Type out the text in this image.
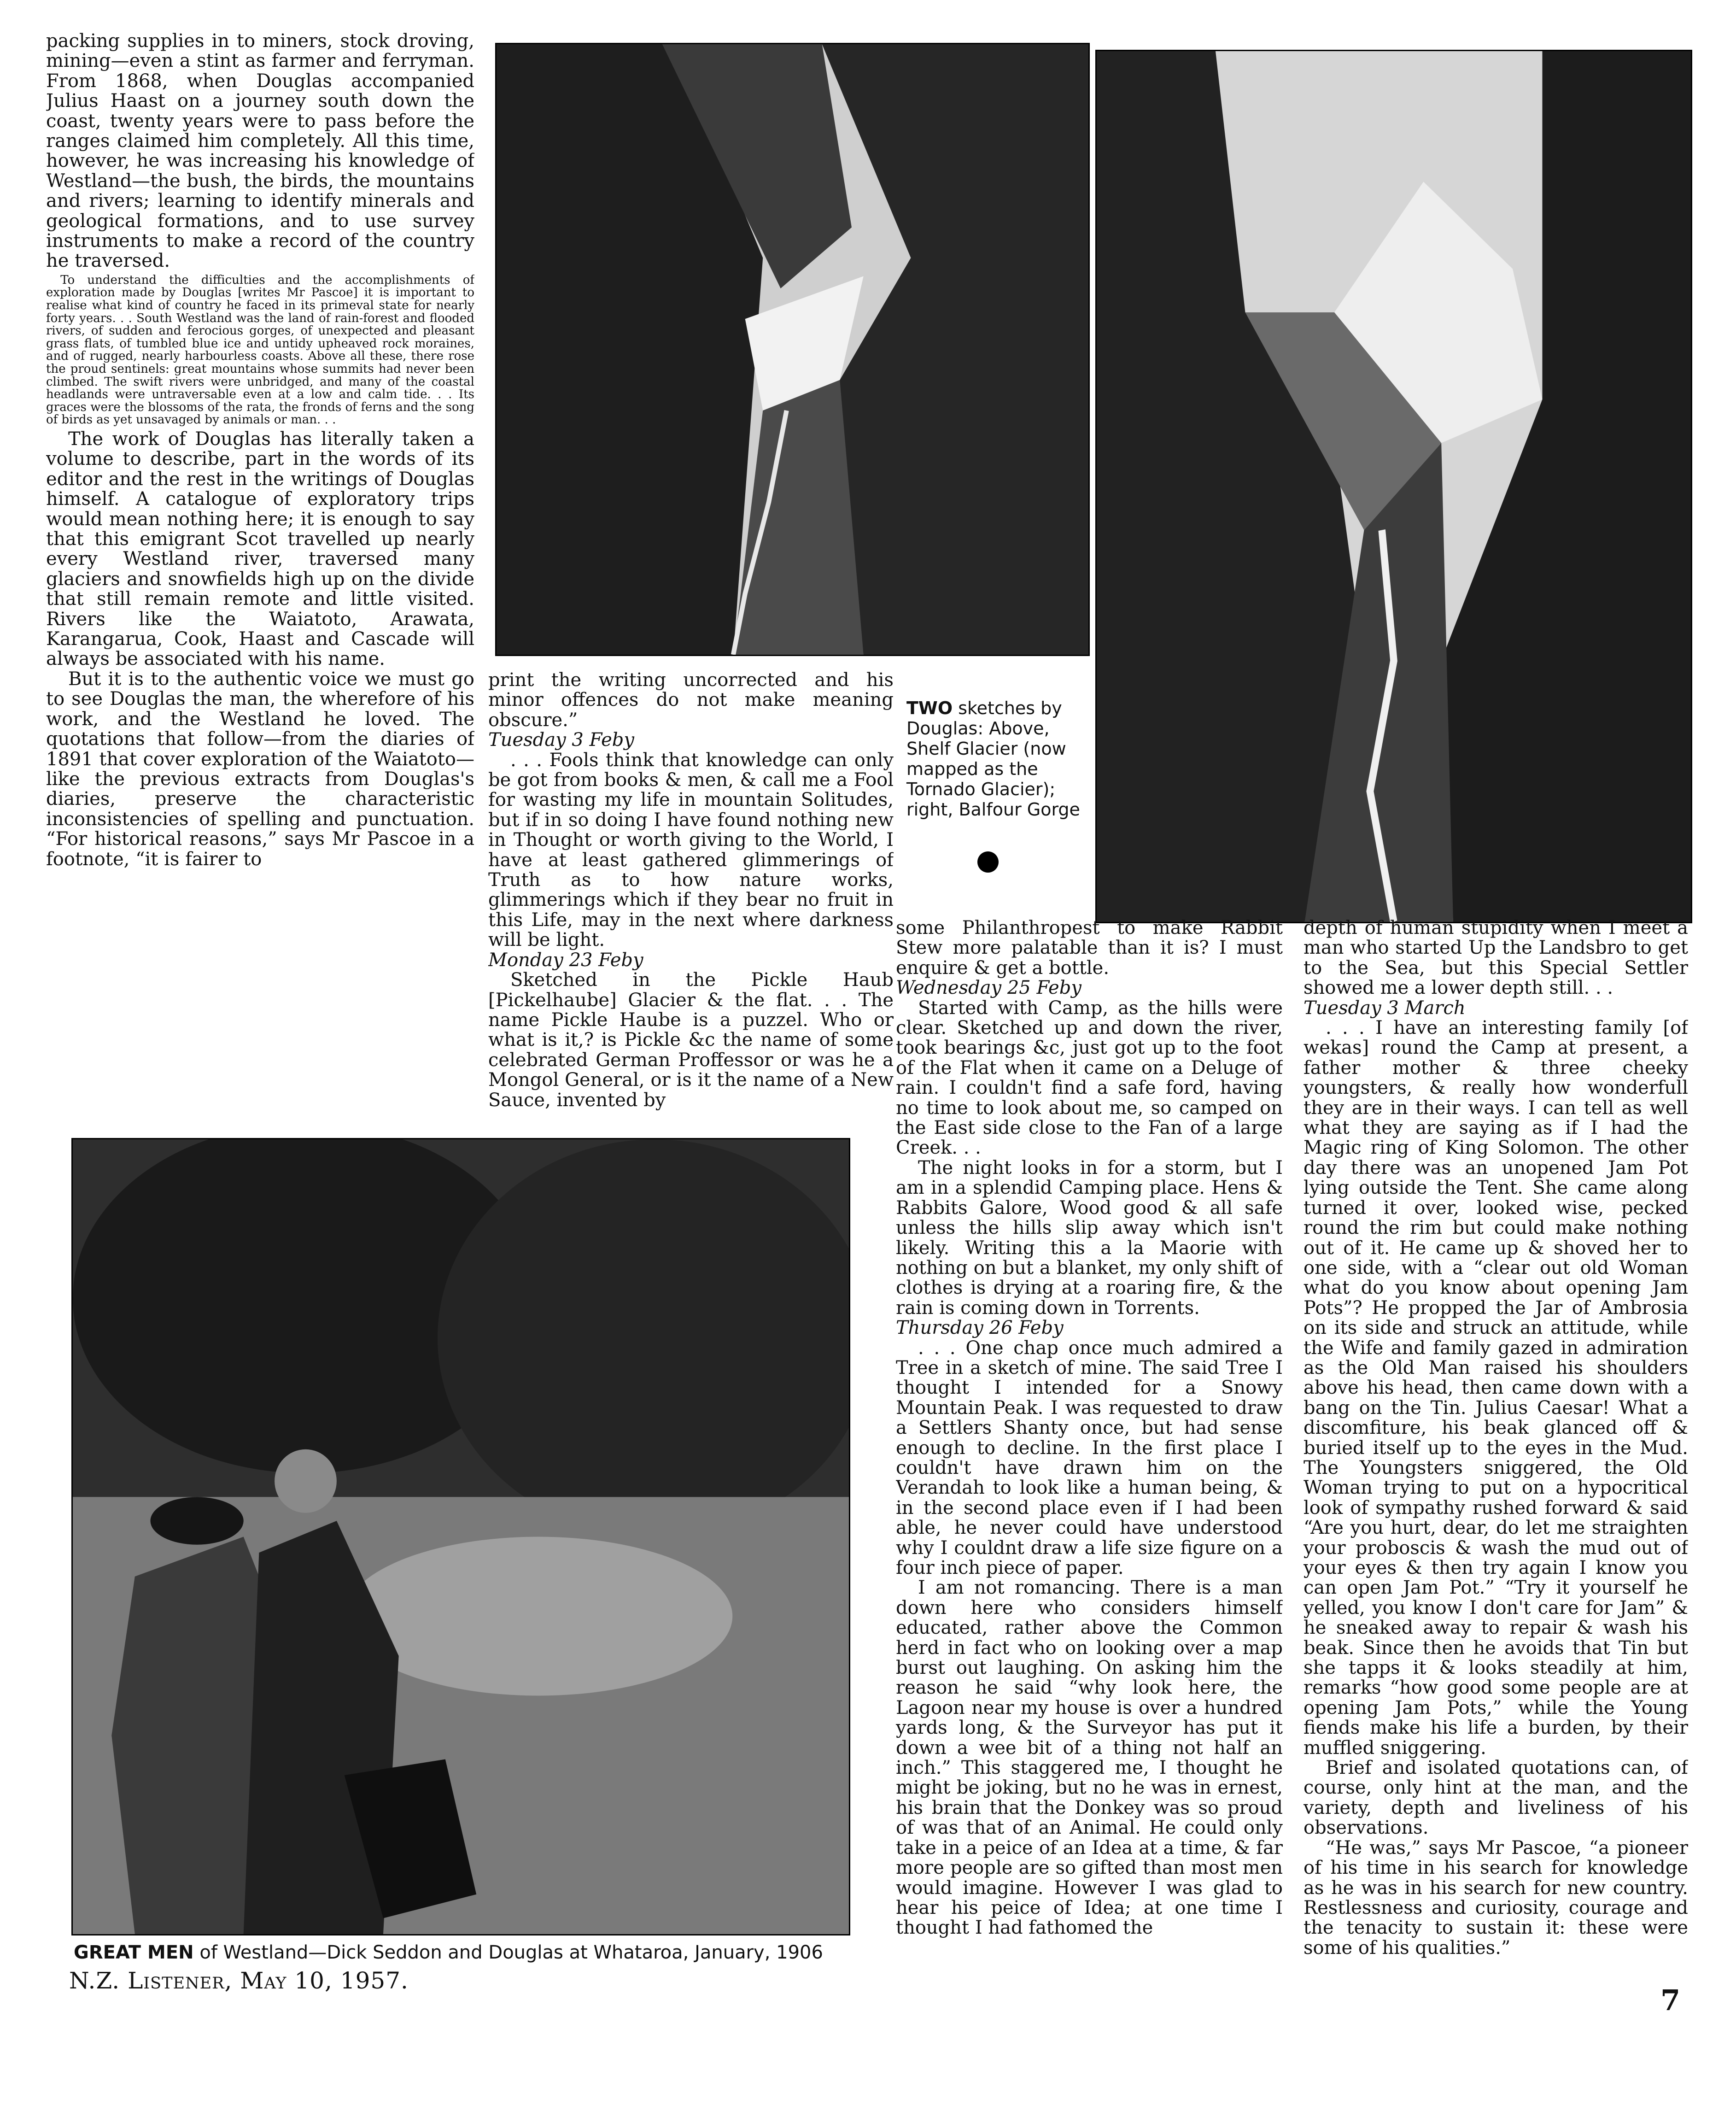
packing supplies in to miners, stock droving, mining—even a stint as farmer and ferryman. From 1868, when Douglas accompanied Julius Haast on a journey south down the coast, twenty years were to pass before the ranges claimed him completely. All this time, however, he was increasing his knowledge of Westland—the bush, the birds, the mountains and rivers; learning to identify minerals and geological formations, and to use survey instruments to make a record of the country he traversed.

To understand the difficulties and the accomplishments of exploration made by Douglas [writes Mr Pascoe] it is important to realise what kind of country he faced in its primeval state for nearly forty years. . . South Westland was the land of rain-forest and flooded rivers, of sudden and ferocious gorges, of unexpected and pleasant grass flats, of tumbled blue ice and untidy upheaved rock moraines, and of rugged, nearly harbourless coasts. Above all these, there rose the proud sentinels: great mountains whose summits had never been climbed. The swift rivers were unbridged, and many of the coastal headlands were untraversable even at a low and calm tide. . . Its graces were the blossoms of the rata, the fronds of ferns and the song of birds as yet unsavaged by animals or man. . .

The work of Douglas has literally taken a volume to describe, part in the words of its editor and the rest in the writings of Douglas himself. A catalogue of exploratory trips would mean nothing here; it is enough to say that this emigrant Scot travelled up nearly every Westland river, traversed many glaciers and snowfields high up on the divide that still remain remote and little visited. Rivers like the Waiatoto, Arawata, Karangarua, Cook, Haast and Cascade will always be associated with his name.

But it is to the authentic voice we must go to see Douglas the man, the wherefore of his work, and the Westland he loved. The quotations that follow—from the diaries of 1891 that cover exploration of the Waiatoto—like the previous extracts from Douglas's diaries, preserve the characteristic inconsistencies of spelling and punctuation. “For historical reasons,” says Mr Pascoe in a footnote, “it is fairer to

TWO sketches by Douglas: Above, Shelf Glacier (now mapped as the Tornado Glacier); right, Balfour Gorge

print the writing uncorrected and his minor offences do not make meaning obscure.”

Tuesday 3 Feby

. . . Fools think that knowledge can only be got from books & men, & call me a Fool for wasting my life in mountain Solitudes, but if in so doing I have found nothing new in Thought or worth giving to the World, I have at least gathered glimmerings of Truth as to how nature works, glimmerings which if they bear no fruit in this Life, may in the next where darkness will be light.

Monday 23 Feby

Sketched in the Pickle Haub [Pickelhaube] Glacier & the flat. . . The name Pickle Haube is a puzzel. Who or what is it,? is Pickle &c the name of some celebrated German Proffessor or was he a Mongol General, or is it the name of a New Sauce, invented by

some Philanthropest to make Rabbit Stew more palatable than it is? I must enquire & get a bottle.

Wednesday 25 Feby

Started with Camp, as the hills were clear. Sketched up and down the river, took bearings &c, just got up to the foot of the Flat when it came on a Deluge of rain. I couldn't find a safe ford, having no time to look about me, so camped on the East side close to the Fan of a large Creek. . .

The night looks in for a storm, but I am in a splendid Camping place. Hens & Rabbits Galore, Wood good & all safe unless the hills slip away which isn't likely. Writing this a la Maorie with nothing on but a blanket, my only shift of clothes is drying at a roaring fire, & the rain is coming down in Torrents.

Thursday 26 Feby

. . . One chap once much admired a Tree in a sketch of mine. The said Tree I thought I intended for a Snowy Mountain Peak. I was requested to draw a Settlers Shanty once, but had sense enough to decline. In the first place I couldn't have drawn him on the Verandah to look like a human being, & in the second place even if I had been able, he never could have understood why I couldnt draw a life size figure on a four inch piece of paper.

I am not romancing. There is a man down here who considers himself educated, rather above the Common herd in fact who on looking over a map burst out laughing. On asking him the reason he said “why look here, the Lagoon near my house is over a hundred yards long, & the Surveyor has put it down a wee bit of a thing not half an inch.” This staggered me, I thought he might be joking, but no he was in ernest, his brain that the Donkey was so proud of was that of an Animal. He could only take in a peice of an Idea at a time, & far more people are so gifted than most men would imagine. However I was glad to hear his peice of Idea; at one time I thought I had fathomed the

depth of human stupidity when I meet a man who started Up the Landsbro to get to the Sea, but this Special Settler showed me a lower depth still. . .

Tuesday 3 March

. . . I have an interesting family [of wekas] round the Camp at present, a father mother & three cheeky youngsters, & really how wonderfull they are in their ways. I can tell as well what they are saying as if I had the Magic ring of King Solomon. The other day there was an unopened Jam Pot lying outside the Tent. She came along turned it over, looked wise, pecked round the rim but could make nothing out of it. He came up & shoved her to one side, with a “clear out old Woman what do you know about opening Jam Pots”? He propped the Jar of Ambrosia on its side and struck an attitude, while the Wife and family gazed in admiration as the Old Man raised his shoulders above his head, then came down with a bang on the Tin. Julius Caesar! What a discomfiture, his beak glanced off & buried itself up to the eyes in the Mud. The Youngsters sniggered, the Old Woman trying to put on a hypocritical look of sympathy rushed forward & said “Are you hurt, dear, do let me straighten your proboscis & wash the mud out of your eyes & then try again I know you can open Jam Pot.” “Try it yourself he yelled, you know I don't care for Jam” & he sneaked away to repair & wash his beak. Since then he avoids that Tin but she tapps it & looks steadily at him, remarks “how good some people are at opening Jam Pots,” while the Young fiends make his life a burden, by their muffled sniggering.

Brief and isolated quotations can, of course, only hint at the man, and the variety, depth and liveliness of his observations.

“He was,” says Mr Pascoe, “a pioneer of his time in his search for knowledge as he was in his search for new country. Restlessness and curiosity, courage and the tenacity to sustain it: these were some of his qualities.”

GREAT MEN of Westland—Dick Seddon and Douglas at Whataroa, January, 1906
N.Z. Listener, May 10, 1957.
7
